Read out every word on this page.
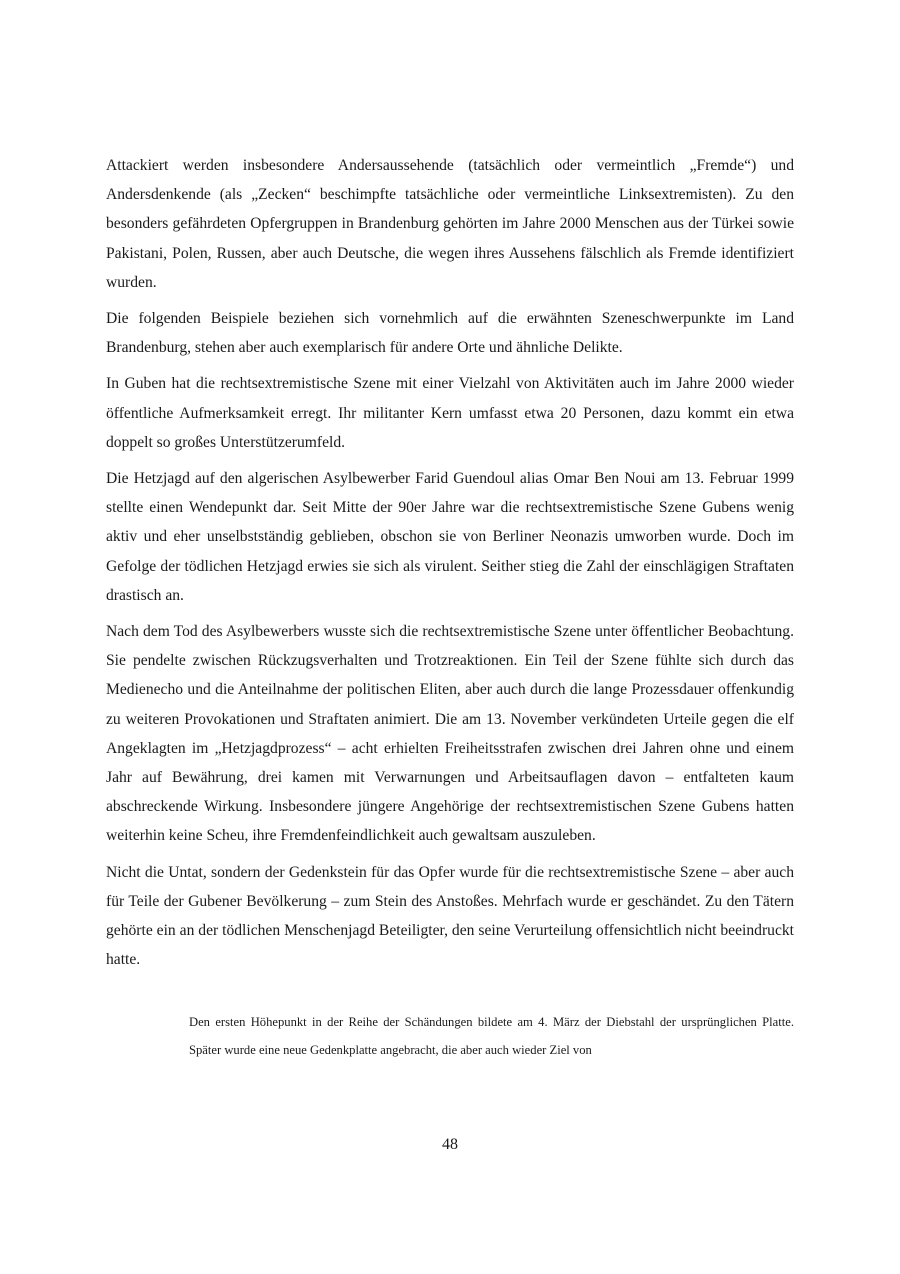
Attackiert werden insbesondere Andersaussehende (tatsächlich oder vermeintlich „Fremde“) und Andersdenkende (als „Zecken“ beschimpfte tatsächliche oder vermeintliche Linksextremisten). Zu den besonders gefährdeten Opfergruppen in Brandenburg gehörten im Jahre 2000 Menschen aus der Türkei sowie Pakistani, Polen, Russen, aber auch Deutsche, die wegen ihres Aussehens fälschlich als Fremde identifiziert wurden.

Die folgenden Beispiele beziehen sich vornehmlich auf die erwähnten Szeneschwerpunkte im Land Brandenburg, stehen aber auch exemplarisch für andere Orte und ähnliche Delikte.

In Guben hat die rechtsextremistische Szene mit einer Vielzahl von Aktivitäten auch im Jahre 2000 wieder öffentliche Aufmerksamkeit erregt. Ihr militanter Kern umfasst etwa 20 Personen, dazu kommt ein etwa doppelt so großes Unterstützerumfeld.

Die Hetzjagd auf den algerischen Asylbewerber Farid Guendoul alias Omar Ben Noui am 13. Februar 1999 stellte einen Wendepunkt dar. Seit Mitte der 90er Jahre war die rechtsextremistische Szene Gubens wenig aktiv und eher unselbstständig geblieben, obschon sie von Berliner Neonazis umworben wurde. Doch im Gefolge der tödlichen Hetzjagd erwies sie sich als virulent. Seither stieg die Zahl der einschlägigen Straftaten drastisch an.

Nach dem Tod des Asylbewerbers wusste sich die rechtsextremistische Szene unter öffentlicher Beobachtung. Sie pendelte zwischen Rückzugsverhalten und Trotzreaktionen. Ein Teil der Szene fühlte sich durch das Medienecho und die Anteilnahme der politischen Eliten, aber auch durch die lange Prozessdauer offenkundig zu weiteren Provokationen und Straftaten animiert. Die am 13. November verkündeten Urteile gegen die elf Angeklagten im „Hetzjagdprozess“ – acht erhielten Freiheitsstrafen zwischen drei Jahren ohne und einem Jahr auf Bewährung, drei kamen mit Verwarnungen und Arbeitsauflagen davon – entfalteten kaum abschreckende Wirkung. Insbesondere jüngere Angehörige der rechtsextremistischen Szene Gubens hatten weiterhin keine Scheu, ihre Fremdenfeindlichkeit auch gewaltsam auszuleben.

Nicht die Untat, sondern der Gedenkstein für das Opfer wurde für die rechtsextremistische Szene – aber auch für Teile der Gubener Bevölkerung – zum Stein des Anstoßes. Mehrfach wurde er geschändet. Zu den Tätern gehörte ein an der tödlichen Menschenjagd Beteiligter, den seine Verurteilung offensichtlich nicht beeindruckt hatte.

Den ersten Höhepunkt in der Reihe der Schändungen bildete am 4. März der Diebstahl der ursprünglichen Platte. Später wurde eine neue Gedenkplatte angebracht, die aber auch wieder Ziel von

48
